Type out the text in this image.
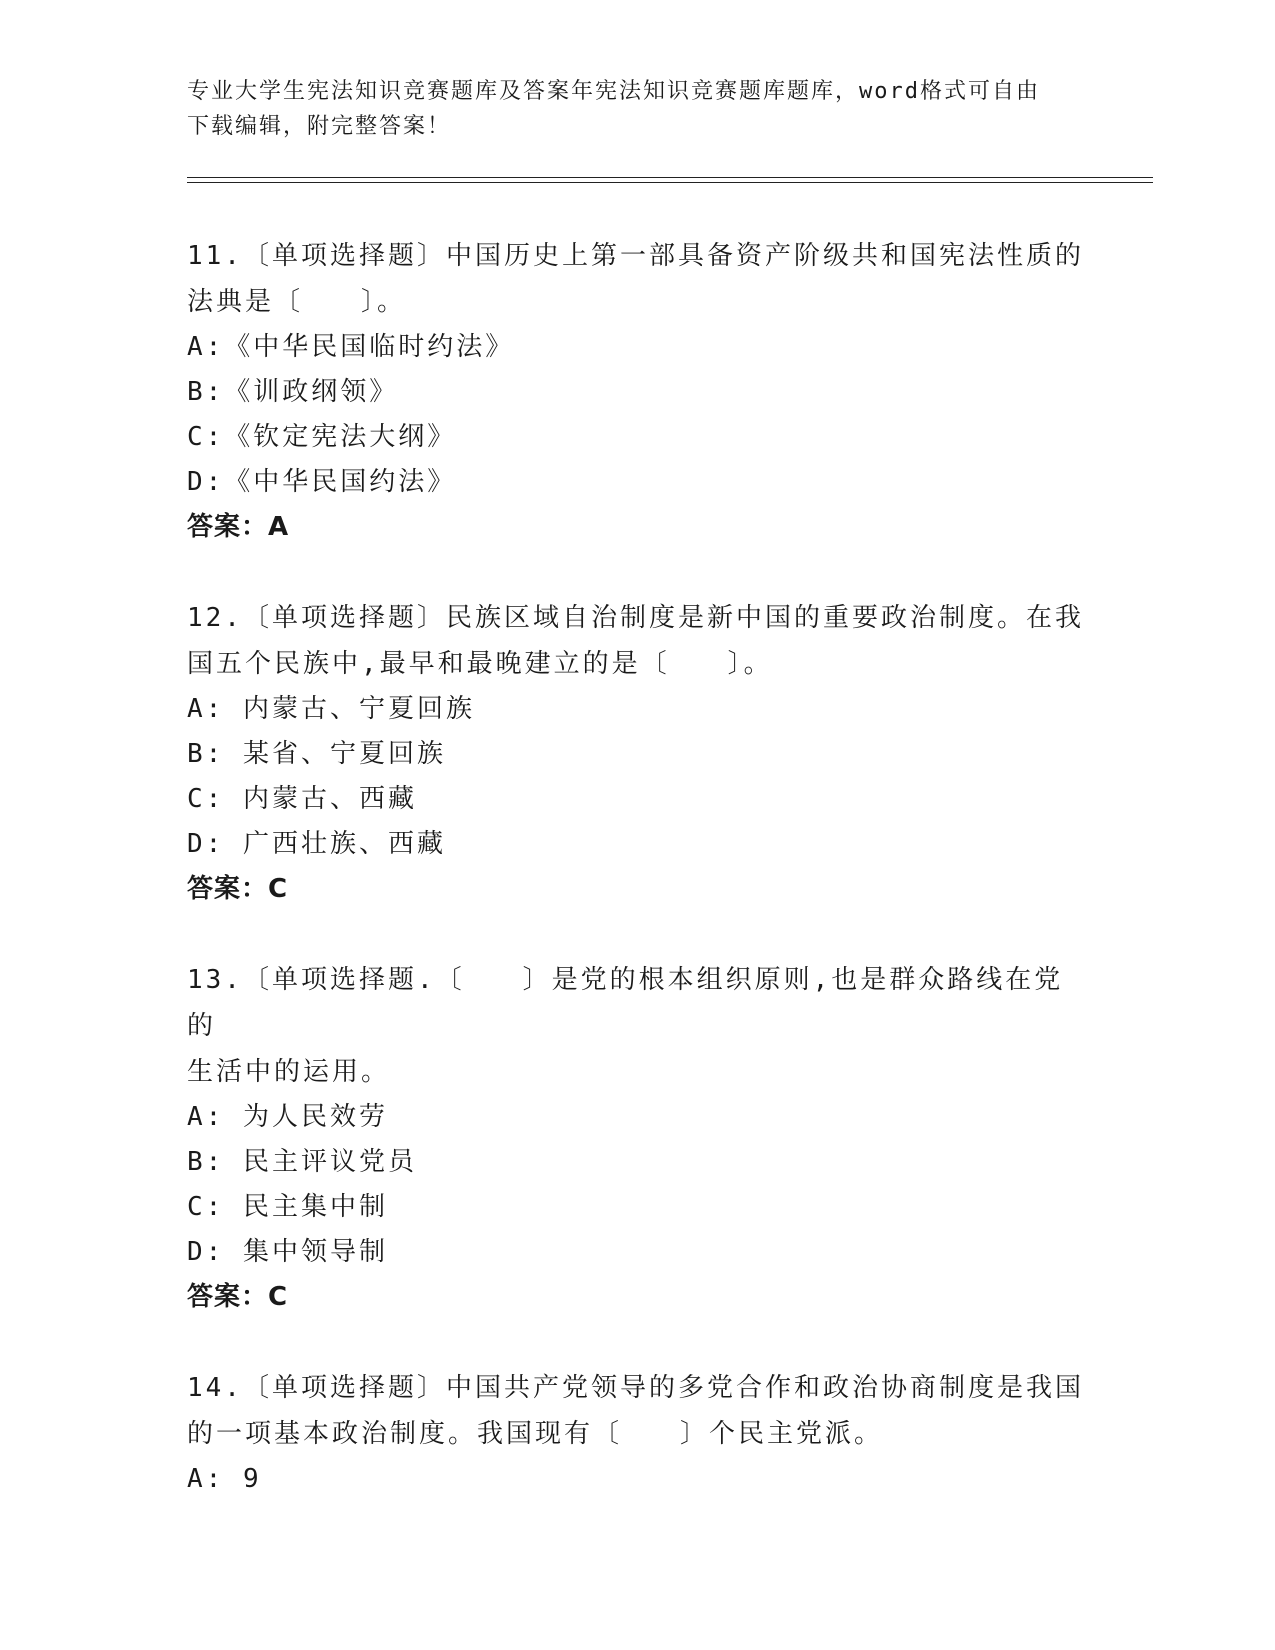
专业大学生宪法知识竞赛题库及答案年宪法知识竞赛题库题库，word格式可自由
下载编辑，附完整答案！

11.〔单项选择题〕中国历史上第一部具备资产阶级共和国宪法性质的

法典是〔　　〕。

A:《中华民国临时约法》

B:《训政纲领》

C:《钦定宪法大纲》

D:《中华民国约法》

答案：A

12.〔单项选择题〕民族区域自治制度是新中国的重要政治制度。在我

国五个民族中,最早和最晚建立的是〔　　〕。

A: 内蒙古、宁夏回族

B: 某省、宁夏回族

C: 内蒙古、西藏

D: 广西壮族、西藏

答案：C

13.〔单项选择题.〔　　〕是党的根本组织原则,也是群众路线在党的

生活中的运用。

A: 为人民效劳

B: 民主评议党员

C: 民主集中制

D: 集中领导制

答案：C

14.〔单项选择题〕中国共产党领导的多党合作和政治协商制度是我国

的一项基本政治制度。我国现有〔　　〕个民主党派。

A: 9
